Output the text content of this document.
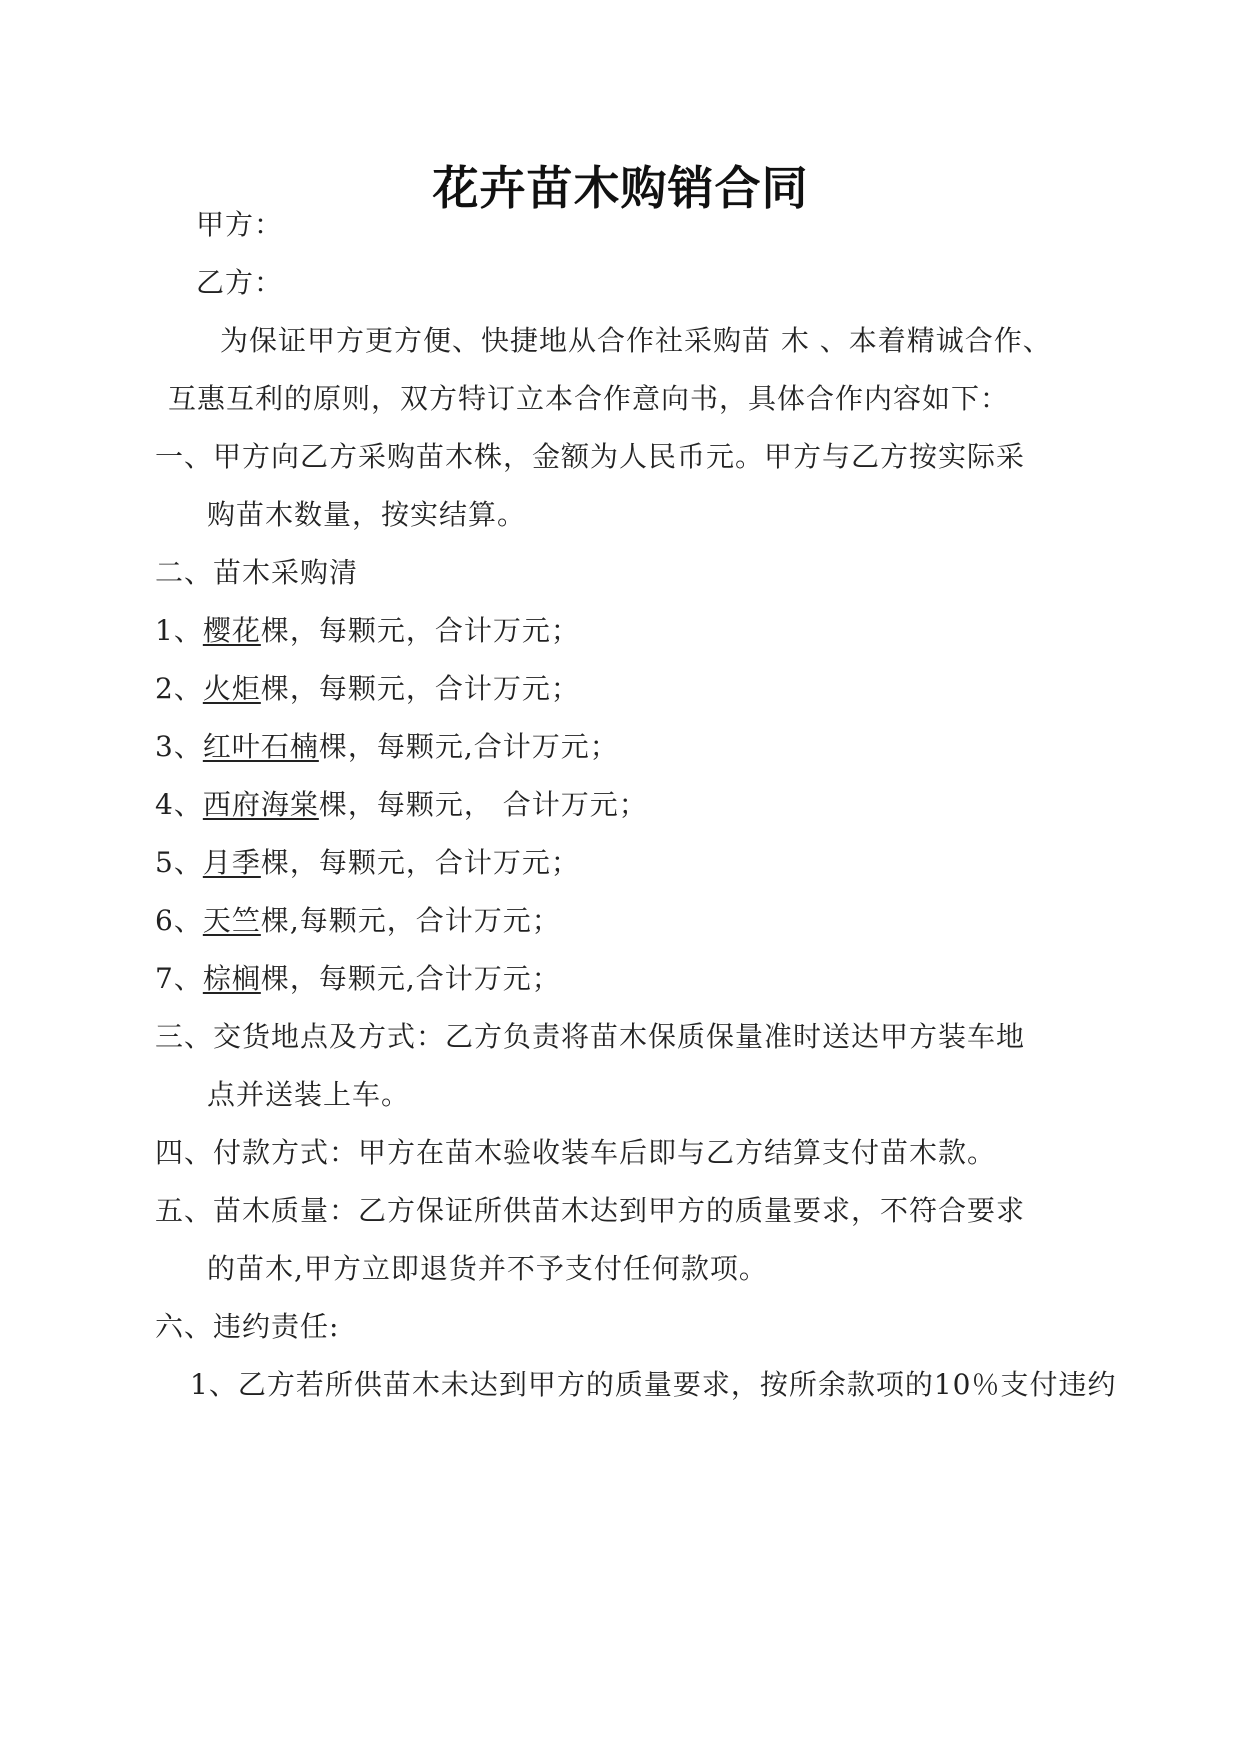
花卉苗木购销合同
甲方：
乙方：
为保证甲方更方便、快捷地从合作社采购苗 木 、本着精诚合作、
互惠互利的原则，双方特订立本合作意向书，具体合作内容如下：
一、甲方向乙方采购苗木株，金额为人民币元。甲方与乙方按实际采
购苗木数量，按实结算。
二、苗木采购清
1、樱花棵，每颗元，合计万元；
2、火炬棵，每颗元，合计万元；
3、红叶石楠棵，每颗元,合计万元；
4、西府海棠棵，每颗元， 合计万元；
5、月季棵，每颗元，合计万元；
6、天竺棵,每颗元，合计万元；
7、棕榈棵，每颗元,合计万元；
三、交货地点及方式：乙方负责将苗木保质保量准时送达甲方装车地
点并送装上车。
四、付款方式：甲方在苗木验收装车后即与乙方结算支付苗木款。
五、苗木质量：乙方保证所供苗木达到甲方的质量要求，不符合要求
的苗木,甲方立即退货并不予支付任何款项。
六、违约责任:
1、乙方若所供苗木未达到甲方的质量要求，按所余款项的10％支付违约
